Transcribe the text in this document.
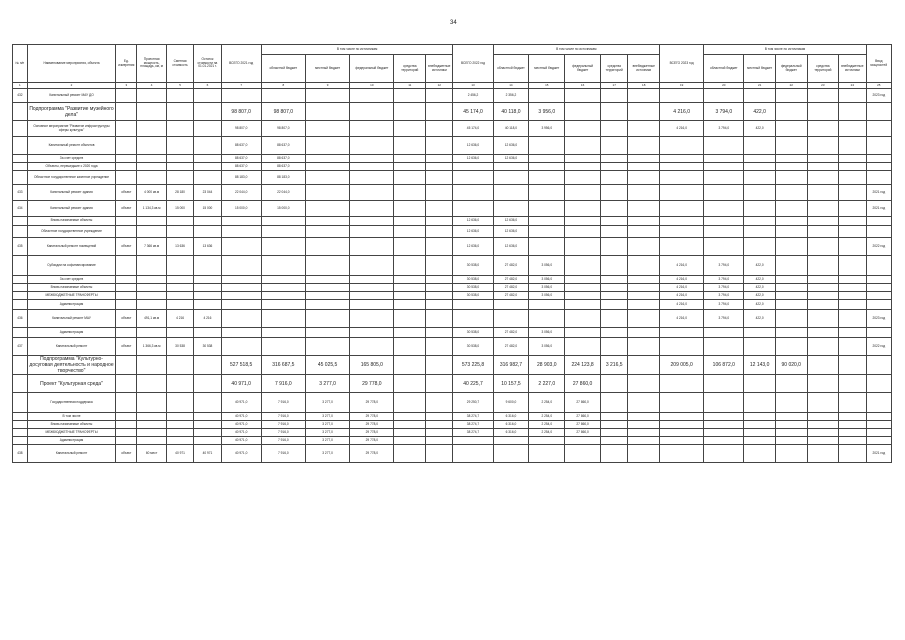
34
№ п/п	Наименование мероприятия, объекта	Ед. измерения	Проектная мощность, площадь, км, м	Сметная стоимость	Остаток стоимости на 01.01.2021 г.	ВСЕГО 2021 год	В том числе по источникам					ВСЕГО 2022 год	В том числе по источникам					ВСЕГО 2023 год	В том числе по источникам					Ввод мощностей
							областной бюджет	местный бюджет	федеральный бюджет	средства территорий	внебюджетные источники		областной бюджет	местный бюджет	федеральный бюджет	средства территорий	внебюджетные источники		областной бюджет	местный бюджет	федеральный бюджет	средства территорий	внебюджетные источники	
1	2	3	4	5	6	7	8	9	10	11	12	13	14	15	16	17	18	19	20	21	22	23	24	25
432	Капитальный ремонт МАУ ДО											2 456,2	2 356,2											2023 год
	Подпрограмма "Развитие музейного дела"					98 807,0	98 807,0					45 174,0	40 118,0	3 956,0				4 216,0	3 794,0	422,0				
	Основное мероприятие "Развитие инфраструктуры сферы культуры"					98 807,0	98 807,0					45 174,0	40 118,0	3 956,0				4 216,0	3 794,0	422,0				
	Капитальный ремонт объектов					88 637,0	88 637,0					12 636,0	12 636,0											
	За счет средств					88 637,0	88 637,0					12 636,0	12 636,0											
	Объекты, перешедшие с 2020 года					88 637,0	88 637,0																	
	Областное государственное казенное учреждение					88 183,0	88 183,0																	
433	Капитальный ремонт здания	объект	4 000 кв.м	28 180	23 044	22 044,0	22 044,0																	2021 год
434	Капитальный ремонт здания	объект	1 134,3 кв.м	15 000	15 000	15 000,0	15 000,0																	2021 год
	Вновь начинаемые объекты											12 636,0	12 636,0											
	Областное государственное учреждение											12 636,0	12 636,0											
435	Капитальный ремонт помещений	объект	7 366 кв.м	13 636	13 636							12 636,0	12 636,0											2022 год
	Субсидии на софинансирование											30 538,0	27 482,0	3 056,0				4 216,0	3 794,0	422,0				
	За счет средств											30 538,0	27 482,0	3 056,0				4 216,0	3 794,0	422,0				
	Вновь начинаемые объекты											30 538,0	27 482,0	3 056,0				4 216,0	3 794,0	422,0				
	МЕЖБЮДЖЕТНЫЕ ТРАНСФЕРТЫ											30 538,0	27 482,0	3 056,0				4 216,0	3 794,0	422,0				
	Администрация																	4 216,0	3 794,0	422,0				
436	Капитальный ремонт МАУ	объект	491,1 кв.м	4 216	4 216													4 216,0	3 794,0	422,0				2023 год
	Администрация											30 538,0	27 482,0	3 056,0										
437	Капитальный ремонт	объект	1 366,3 кв.м	30 538	30 538							30 538,0	27 482,0	3 056,0										2022 год
	Подпрограмма "Культурно-досуговая деятельность и народное творчество"					527 518,5	316 687,5	45 025,5	165 805,0			573 225,8	316 982,7	28 903,0	224 123,8	3 216,5		209 005,0	106 872,0	12 143,0	90 020,0			
	Проект "Культурная среда"					40 971,0	7 916,0	3 277,0	29 778,0			40 225,7	10 157,5	2 227,0	27 860,0									
	Государственная поддержка					40 971,0	7 916,0	3 277,0	29 778,0			29 250,7	9 600,0	2 254,0	27 860,0									
	В том числе					40 971,0	7 916,0	3 277,0	29 778,0			38 274,7	6 316,0	2 254,0	27 860,0									
	Вновь начинаемые объекты					40 971,0	7 916,0	3 277,0	29 778,0			38 274,7	6 316,0	2 254,0	27 860,0									
	МЕЖБЮДЖЕТНЫЕ ТРАНСФЕРТЫ					40 971,0	7 916,0	3 277,0	29 778,0			38 274,7	6 316,0	2 254,0	27 860,0									
	Администрация					40 971,0	7 916,0	3 277,0	29 778,0															
438	Капитальный ремонт	объект	60 мест	40 971	40 971	40 971,0	7 916,0	3 277,0	29 778,0															2021 год
